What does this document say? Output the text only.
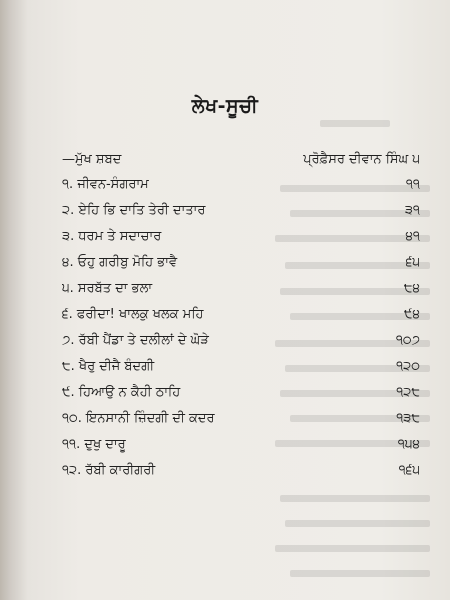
ਲੇਖ-ਸੂਚੀ
—ਮੁੱਖ ਸ਼ਬਦ	ਪ੍ਰੋਫ਼ੈਸਰ ਦੀਵਾਨ ਸਿੰਘ ੫
੧. ਜੀਵਨ-ਸੰਗਰਾਮ	੧੧
੨. ਏਹਿ ਭਿ ਦਾਤਿ ਤੇਰੀ ਦਾਤਾਰ	੩੧
੩. ਧਰਮ ਤੇ ਸਦਾਚਾਰ	੪੧
੪. ਓਹੁ ਗਰੀਬੁ ਮੋਹਿ ਭਾਵੈ	੬੫
੫. ਸਰਬੱਤ ਦਾ ਭਲਾ	੮੪
੬. ਫਰੀਦਾ! ਖਾਲਕੁ ਖਲਕ ਮਹਿ	੯੪
੭. ਰੱਬੀ ਪੈਂਡਾ ਤੇ ਦਲੀਲਾਂ ਦੇ ਘੋੜੇ	੧੦੭
੮. ਖੈਰੁ ਦੀਜੈ ਬੰਦਗੀ	੧੨੦
੯. ਹਿਆਉ ਨ ਕੈਹੀ ਠਾਹਿ	੧੨੮
੧੦. ਇਨਸਾਨੀ ਜ਼ਿੰਦਗੀ ਦੀ ਕਦਰ	੧੩੮
੧੧. ਦੁਖੁ ਦਾਰੂ	੧੫੪
੧੨. ਰੱਬੀ ਕਾਰੀਗਰੀ	੧੬੫
